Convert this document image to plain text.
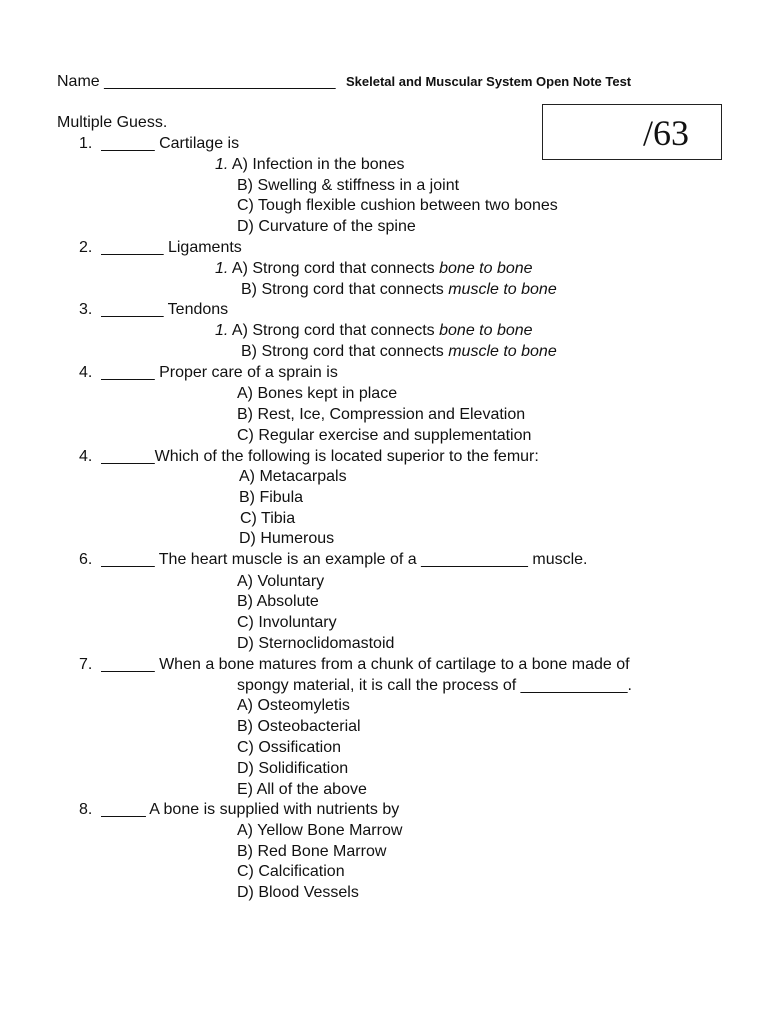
Name __________________________ Skeletal and Muscular System Open Note Test
/63
Multiple Guess.
1.  ______ Cartilage is
1. A) Infection in the bones
B) Swelling & stiffness in a joint
C) Tough flexible cushion between two bones
D) Curvature of the spine
2.  _______ Ligaments
1. A) Strong cord that connects bone to bone
B) Strong cord that connects muscle to bone
3.  _______ Tendons
1. A) Strong cord that connects bone to bone
B) Strong cord that connects muscle to bone
4.  ______ Proper care of a sprain is
A) Bones kept in place
B) Rest, Ice, Compression and Elevation
C) Regular exercise and supplementation
4.  ______Which of the following is located superior to the femur:
A) Metacarpals
B) Fibula
C) Tibia
D) Humerous
6.  ______ The heart muscle is an example of a ____________ muscle.
A) Voluntary
B) Absolute
C) Involuntary
D) Sternoclidomastoid
7.  ______ When a bone matures from a chunk of cartilage to a bone made of
spongy material, it is call the process of ____________.
A) Osteomyletis
B) Osteobacterial
C) Ossification
D) Solidification
E) All of the above
8.  _____ A bone is supplied with nutrients by
A) Yellow Bone Marrow
B) Red Bone Marrow
C) Calcification
D) Blood Vessels
